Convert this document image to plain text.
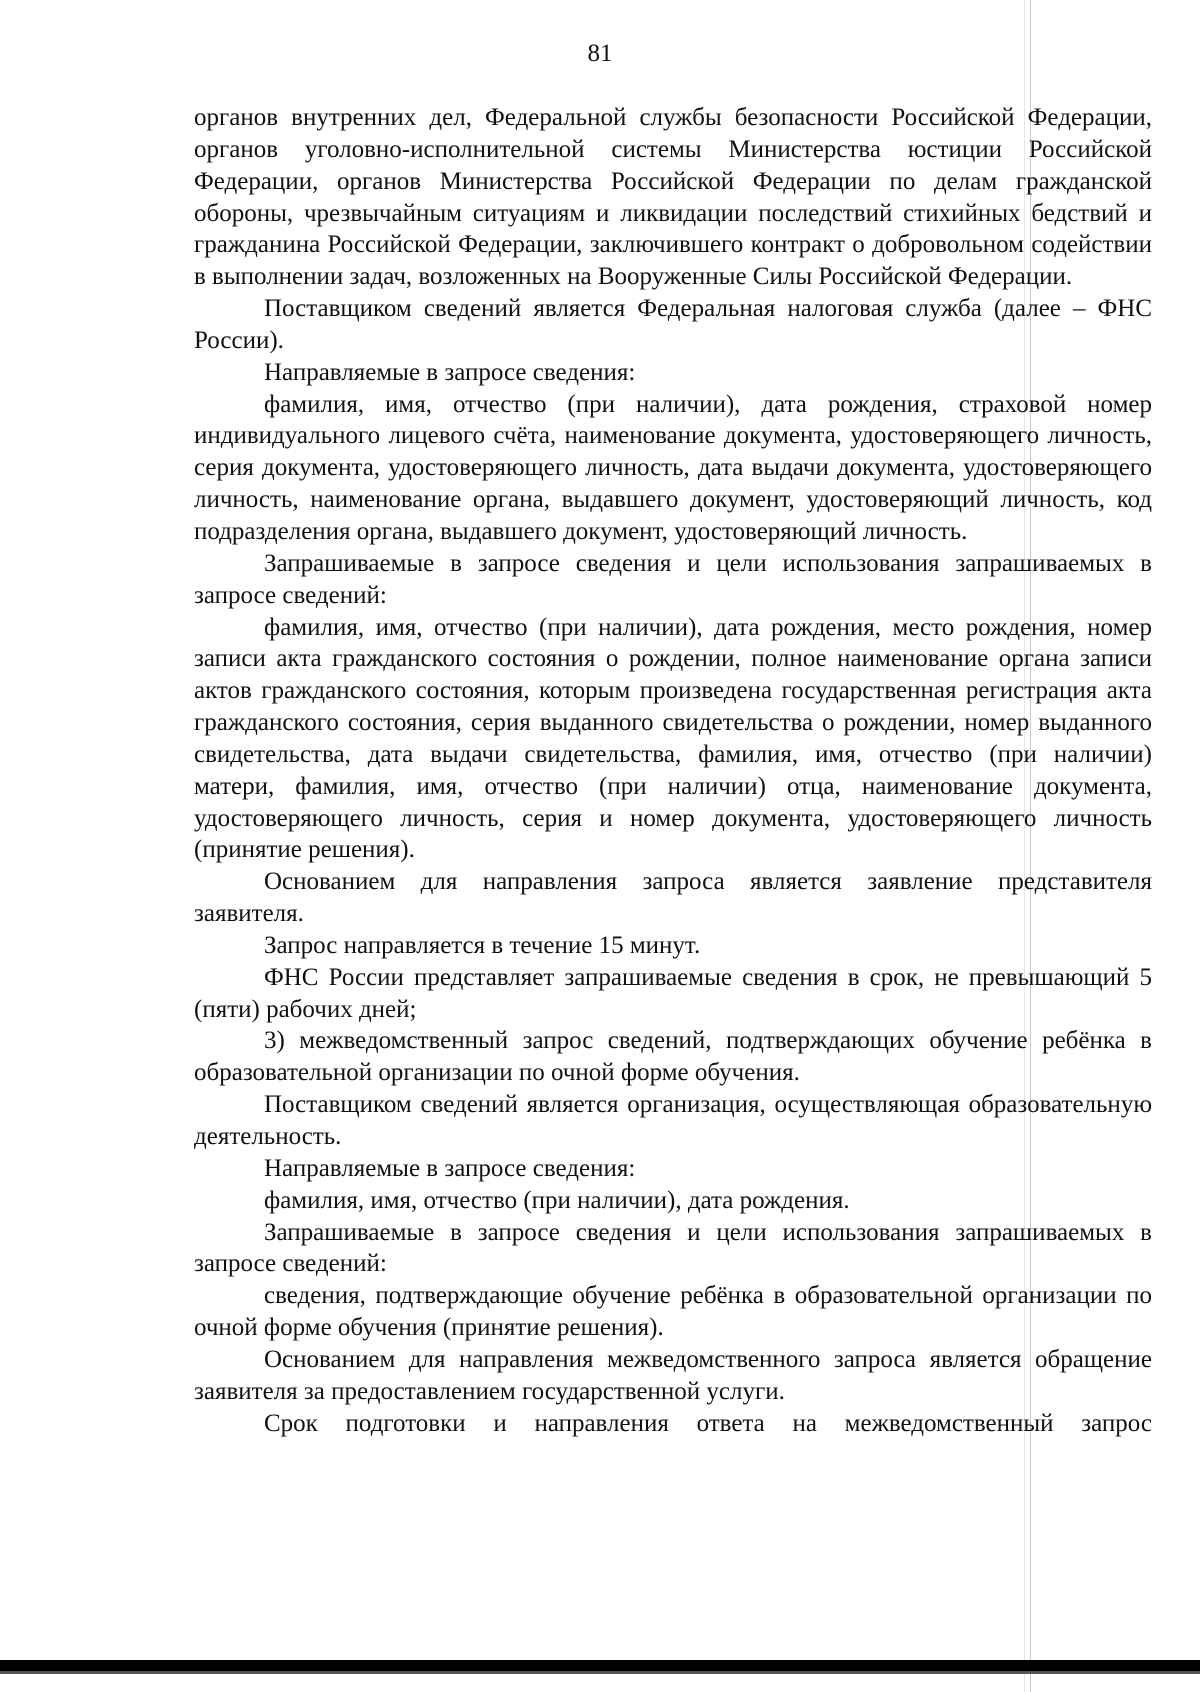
81

органов внутренних дел, Федеральной службы безопасности Российской Федерации, органов уголовно-исполнительной системы Министерства юстиции Российской Федерации, органов Министерства Российской Федерации по делам гражданской обороны, чрезвычайным ситуациям и ликвидации последствий стихийных бедствий и гражданина Российской Федерации, заключившего контракт о добровольном содействии в выполнении задач, возложенных на Вооруженные Силы Российской Федерации.

Поставщиком сведений является Федеральная налоговая служба (далее – ФНС России).

Направляемые в запросе сведения:

фамилия, имя, отчество (при наличии), дата рождения, страховой номер индивидуального лицевого счёта, наименование документа, удостоверяющего личность, серия документа, удостоверяющего личность, дата выдачи документа, удостоверяющего личность, наименование органа, выдавшего документ, удостоверяющий личность, код подразделения органа, выдавшего документ, удостоверяющий личность.

Запрашиваемые в запросе сведения и цели использования запрашиваемых в запросе сведений:

фамилия, имя, отчество (при наличии), дата рождения, место рождения, номер записи акта гражданского состояния о рождении, полное наименование органа записи актов гражданского состояния, которым произведена государственная регистрация акта гражданского состояния, серия выданного свидетельства о рождении, номер выданного свидетельства, дата выдачи свидетельства, фамилия, имя, отчество (при наличии) матери, фамилия, имя, отчество (при наличии) отца, наименование документа, удостоверяющего личность, серия и номер документа, удостоверяющего личность (принятие решения).

Основанием для направления запроса является заявление представителя заявителя.

Запрос направляется в течение 15 минут.

ФНС России представляет запрашиваемые сведения в срок, не превышающий 5 (пяти) рабочих дней;

3) межведомственный запрос сведений, подтверждающих обучение ребёнка в образовательной организации по очной форме обучения.

Поставщиком сведений является организация, осуществляющая образовательную деятельность.

Направляемые в запросе сведения:

фамилия, имя, отчество (при наличии), дата рождения.

Запрашиваемые в запросе сведения и цели использования запрашиваемых в запросе сведений:

сведения, подтверждающие обучение ребёнка в образовательной организации по очной форме обучения (принятие решения).

Основанием для направления межведомственного запроса является обращение заявителя за предоставлением государственной услуги.

Срок подготовки и направления ответа на межведомственный запрос
